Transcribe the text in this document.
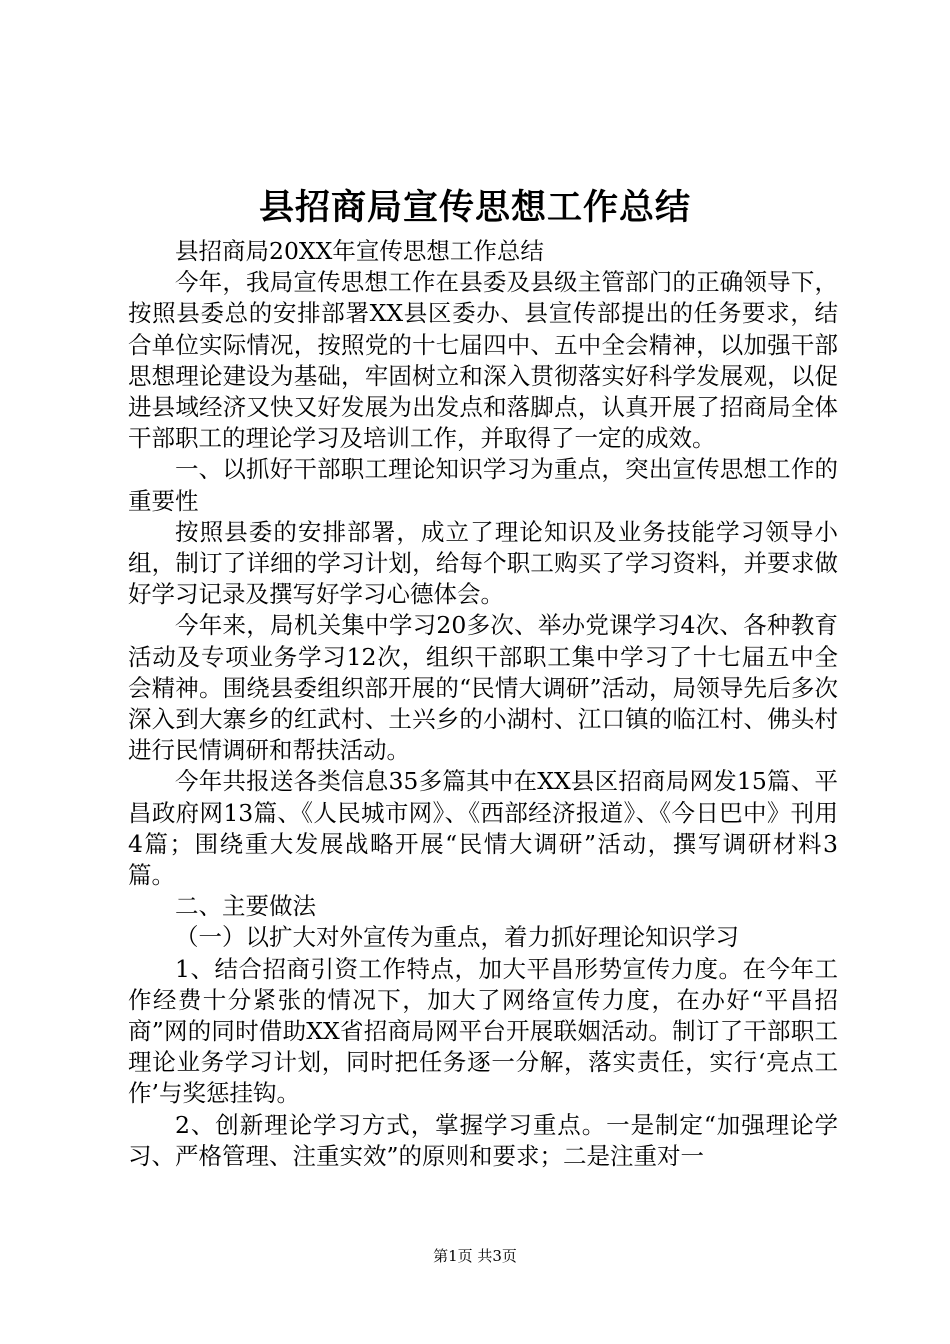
县招商局宣传思想工作总结

县招商局20XX年宣传思想工作总结

今年，我局宣传思想工作在县委及县级主管部门的正确领导下，按照县委总的安排部署XX县区委办、县宣传部提出的任务要求，结合单位实际情况，按照党的十七届四中、五中全会精神，以加强干部思想理论建设为基础，牢固树立和深入贯彻落实好科学发展观，以促进县域经济又快又好发展为出发点和落脚点，认真开展了招商局全体干部职工的理论学习及培训工作，并取得了一定的成效。

一、以抓好干部职工理论知识学习为重点，突出宣传思想工作的重要性

按照县委的安排部署，成立了理论知识及业务技能学习领导小组，制订了详细的学习计划，给每个职工购买了学习资料，并要求做好学习记录及撰写好学习心德体会。

今年来，局机关集中学习20多次、举办党课学习4次、各种教育活动及专项业务学习12次，组织干部职工集中学习了十七届五中全会精神。围绕县委组织部开展的“民情大调研”活动，局领导先后多次深入到大寨乡的红武村、土兴乡的小湖村、江口镇的临江村、佛头村进行民情调研和帮扶活动。

今年共报送各类信息35多篇其中在XX县区招商局网发15篇、平昌政府网13篇、《人民城市网》、《西部经济报道》、《今日巴中》刊用4篇；围绕重大发展战略开展“民情大调研”活动，撰写调研材料3篇。

二、主要做法

（一）以扩大对外宣传为重点，着力抓好理论知识学习

1、结合招商引资工作特点，加大平昌形势宣传力度。在今年工作经费十分紧张的情况下，加大了网络宣传力度，在办好“平昌招商”网的同时借助XX省招商局网平台开展联姻活动。制订了干部职工理论业务学习计划，同时把任务逐一分解，落实责任，实行‘亮点工作’与奖惩挂钩。

2、创新理论学习方式，掌握学习重点。一是制定“加强理论学习、严格管理、注重实效”的原则和要求；二是注重对一

第1页 共3页
